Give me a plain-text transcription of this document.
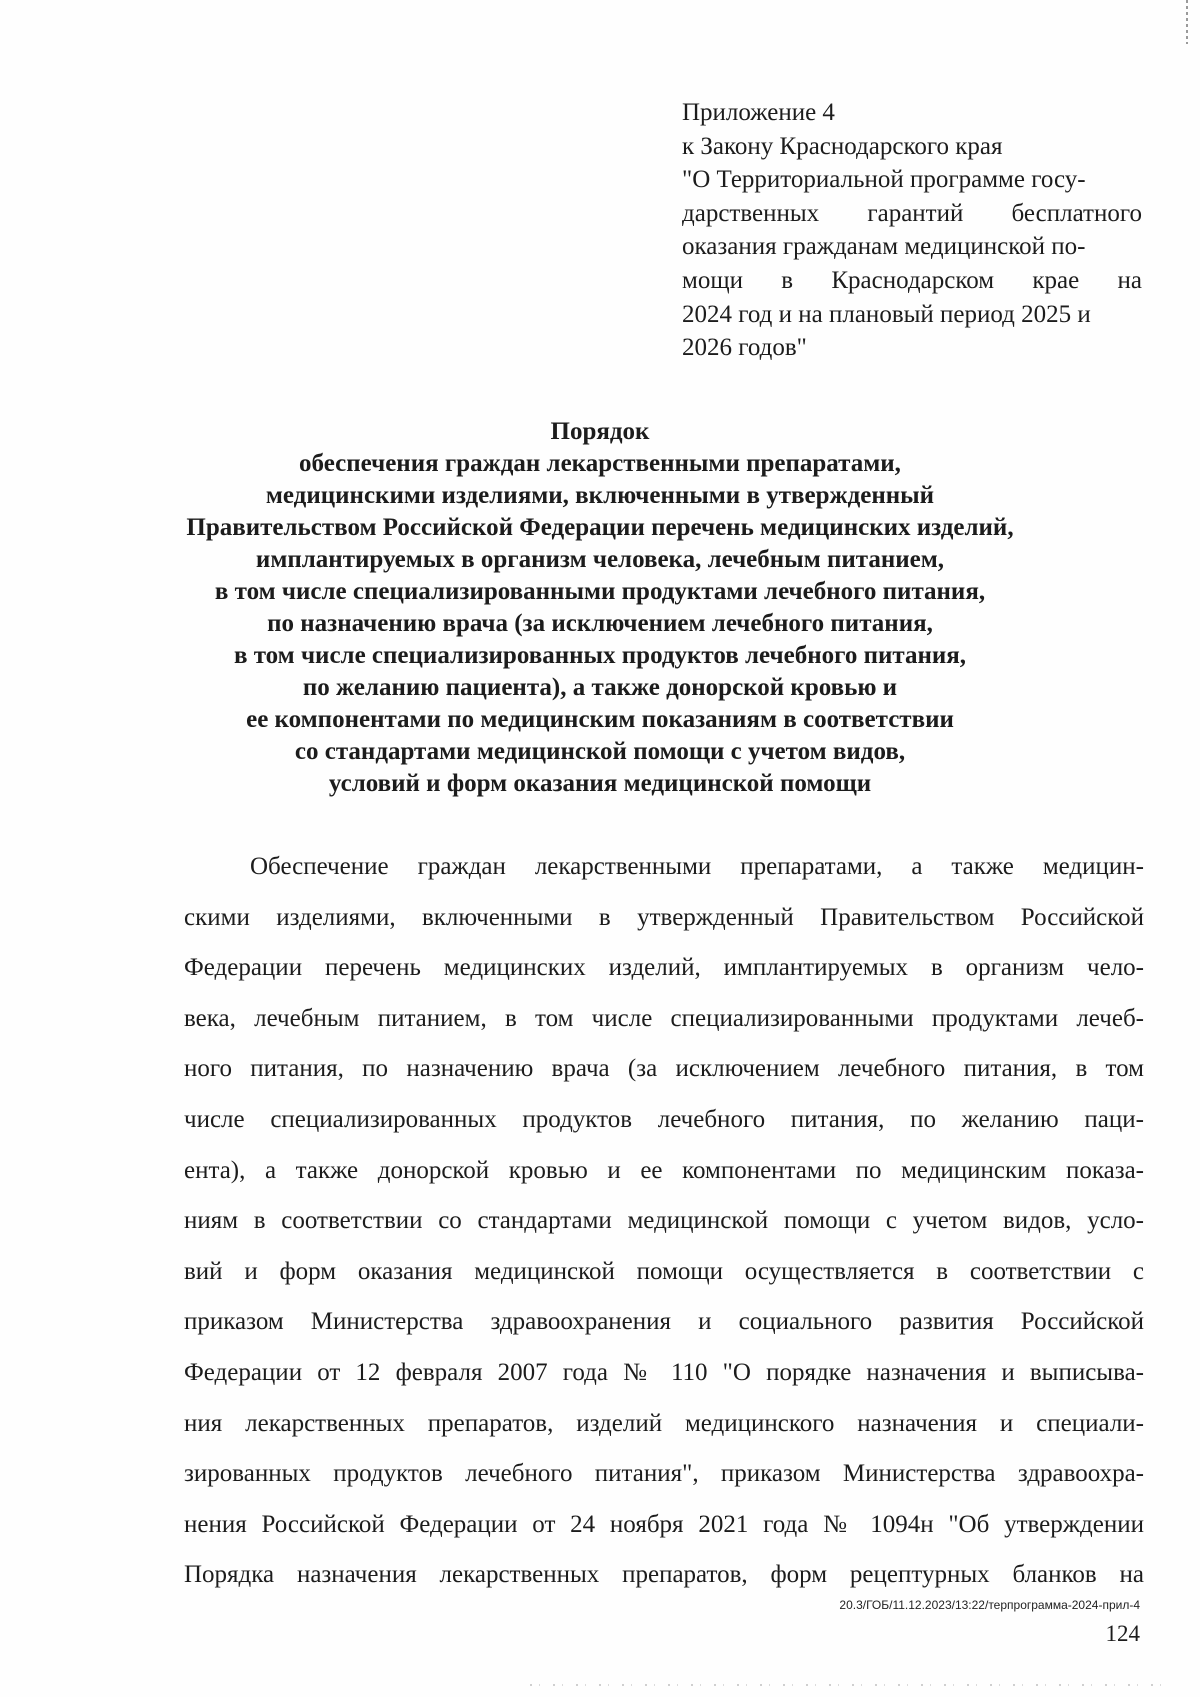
Приложение 4
к Закону Краснодарского края
"О Территориальной программе госу-
дарственных гарантий бесплатного
оказания гражданам медицинской по-
мощи в Краснодарском крае на
2024 год и на плановый период 2025 и
2026 годов"
Порядок
обеспечения граждан лекарственными препаратами,
медицинскими изделиями, включенными в утвержденный
Правительством Российской Федерации перечень медицинских изделий,
имплантируемых в организм человека, лечебным питанием,
в том числе специализированными продуктами лечебного питания,
по назначению врача (за исключением лечебного питания,
в том числе специализированных продуктов лечебного питания,
по желанию пациента), а также донорской кровью и
ее компонентами по медицинским показаниям в соответствии
со стандартами медицинской помощи с учетом видов,
условий и форм оказания медицинской помощи
Обеспечение граждан лекарственными препаратами, а также медицин-
скими изделиями, включенными в утвержденный Правительством Российской
Федерации перечень медицинских изделий, имплантируемых в организм чело-
века, лечебным питанием, в том числе специализированными продуктами лечеб-
ного питания, по назначению врача (за исключением лечебного питания, в том
числе специализированных продуктов лечебного питания, по желанию паци-
ента), а также донорской кровью и ее компонентами по медицинским показа-
ниям в соответствии со стандартами медицинской помощи с учетом видов, усло-
вий и форм оказания медицинской помощи осуществляется в соответствии с
приказом Министерства здравоохранения и социального развития Российской
Федерации от 12 февраля 2007 года № 110 "О порядке назначения и выписыва-
ния лекарственных препаратов, изделий медицинского назначения и специали-
зированных продуктов лечебного питания", приказом Министерства здравоохра-
нения Российской Федерации от 24 ноября 2021 года № 1094н "Об утверждении
Порядка назначения лекарственных препаратов, форм рецептурных бланков на
20.3/ГОБ/11.12.2023/13:22/терпрограмма-2024-прил-4
124
